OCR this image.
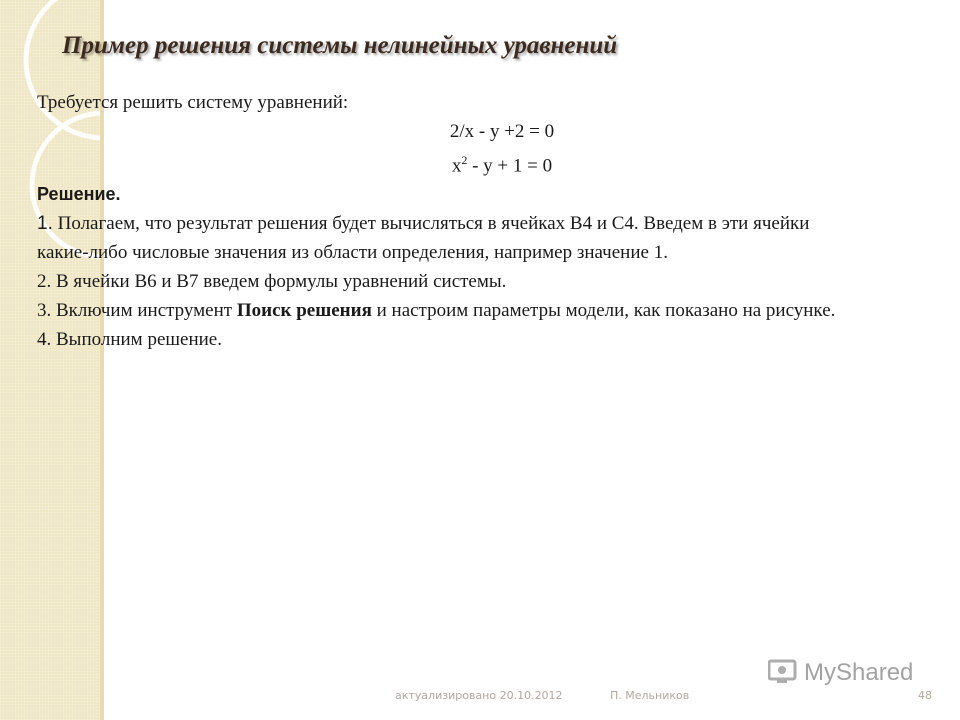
Пример решения системы нелинейных уравнений

Требуется решить систему уравнений:

2/x - y +2 = 0

$x^2 - y + 1 = 0$

Решение.

1. Полагаем, что результат решения будет вычисляться в ячейках B4 и C4. Введем в эти ячейки какие-либо числовые значения из области определения, например значение 1.

2. В ячейки B6 и B7 введем формулы уравнений системы.

3. Включим инструмент Поиск решения и настроим параметры модели, как показано на рисунке.

4. Выполним решение.

актуализировано 20.10.2012	П. Мельников	48
MyShared
